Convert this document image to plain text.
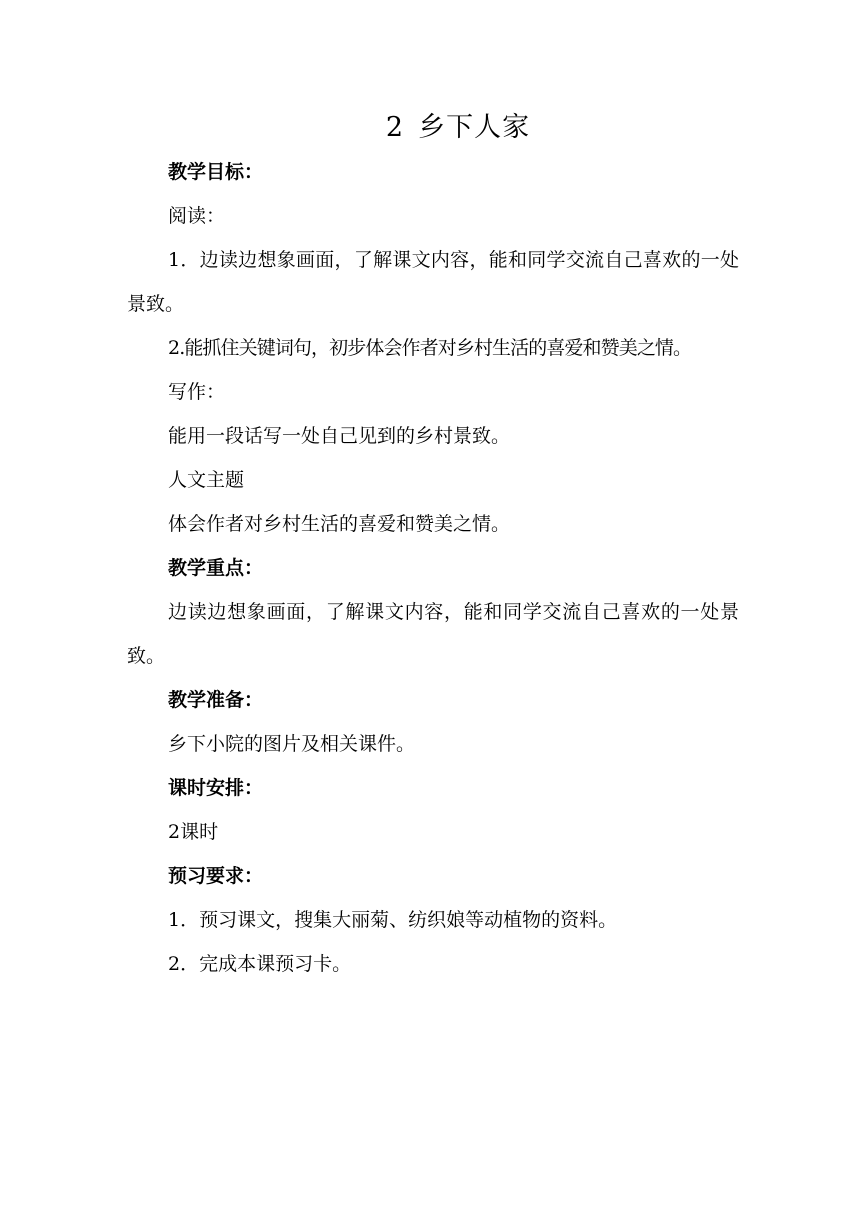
2 乡下人家

教学目标：

阅读：

1．边读边想象画面，了解课文内容，能和同学交流自己喜欢的一处景致。

2.能抓住关键词句，初步体会作者对乡村生活的喜爱和赞美之情。

写作：

能用一段话写一处自己见到的乡村景致。

人文主题

体会作者对乡村生活的喜爱和赞美之情。

教学重点：

边读边想象画面，了解课文内容，能和同学交流自己喜欢的一处景致。

教学准备：

乡下小院的图片及相关课件。

课时安排：

2课时

预习要求：

1．预习课文，搜集大丽菊、纺织娘等动植物的资料。

2．完成本课预习卡。
